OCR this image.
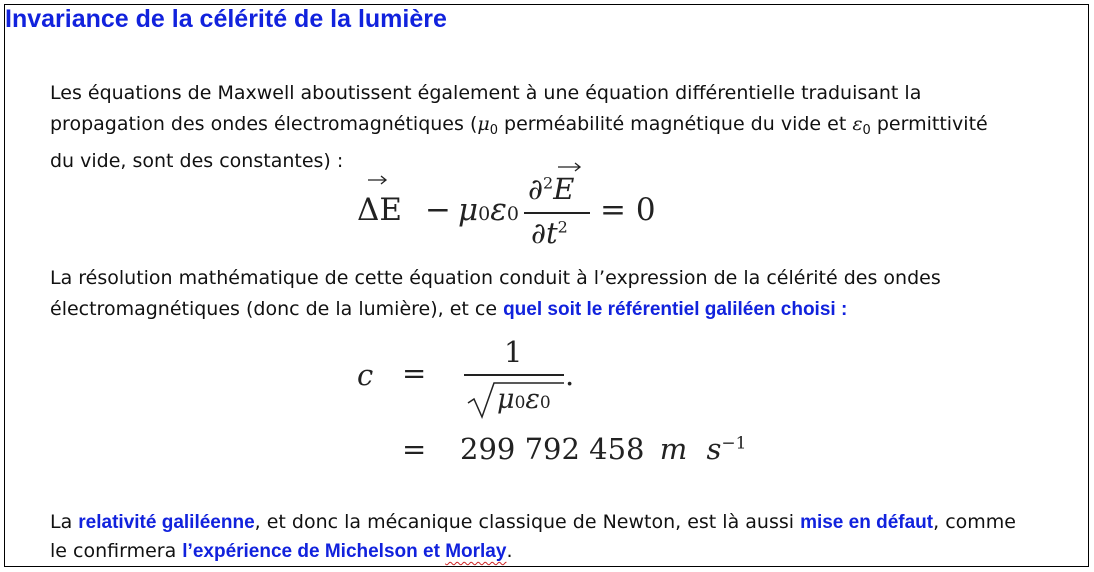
Invariance de la célérité de la lumière
Les équations de Maxwell aboutissent également à une équation différentielle traduisant la
propagation des ondes électromagnétiques ($\mu_0$ perméabilité magnétique du vide et $\varepsilon_0$ permittivité
du vide, sont des constantes) :
ΔE − μ0ε0
∂$^2$E
$\partial t^2 = 0$
La résolution mathématique de cette équation conduit à l’expression de la célérité des ondes
électromagnétiques (donc de la lumière), et ce quel soit le référentiel galiléen choisi :
c =
1
μ0ε0
.
= 299 792 458 m $s^{-1}$
La relativité galiléenne, et donc la mécanique classique de Newton, est là aussi mise en défaut, comme
le confirmera l’expérience de Michelson et Morlay.
